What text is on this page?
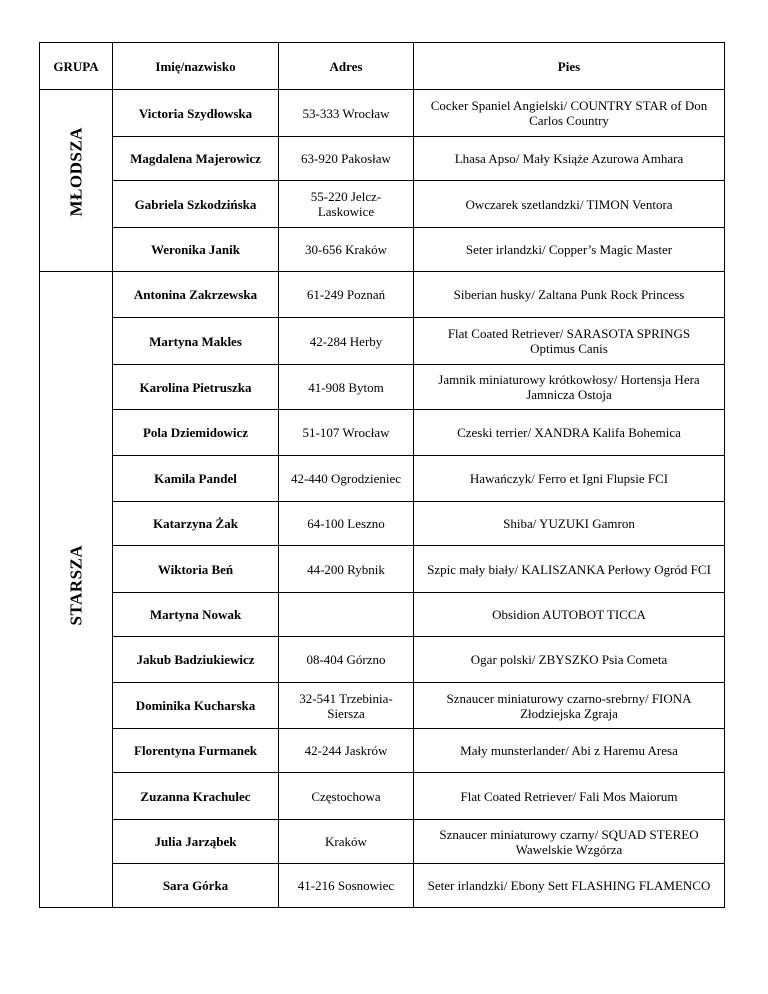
GRUPA	Imię/nazwisko	Adres	Pies

MŁODSZA	Victoria Szydłowska	53-333 Wrocław	Cocker Spaniel Angielski/ COUNTRY STAR of Don Carlos Country
	Magdalena Majerowicz	63-920 Pakosław	Lhasa Apso/ Mały Książe Azurowa Amhara
	Gabriela Szkodzińska	55-220 Jelcz-Laskowice	Owczarek szetlandzki/ TIMON Ventora
	Weronika Janik	30-656 Kraków	Seter irlandzki/ Copper’s Magic Master

STARSZA	Antonina Zakrzewska	61-249 Poznań	Siberian husky/ Zaltana Punk Rock Princess
	Martyna Makles	42-284 Herby	Flat Coated Retriever/ SARASOTA SPRINGS Optimus Canis
	Karolina Pietruszka	41-908 Bytom	Jamnik miniaturowy krótkowłosy/ Hortensja Hera Jamnicza Ostoja
	Pola Dziemidowicz	51-107 Wrocław	Czeski terrier/ XANDRA Kalifa Bohemica
	Kamila Pandel	42-440 Ogrodzieniec	Hawańczyk/ Ferro et Igni Flupsie FCI
	Katarzyna Żak	64-100 Leszno	Shiba/ YUZUKI Gamron
	Wiktoria Beń	44-200 Rybnik	Szpic mały biały/ KALISZANKA Perłowy Ogród FCI
	Martyna Nowak		Obsidion AUTOBOT TICCA
	Jakub Badziukiewicz	08-404 Górzno	Ogar polski/ ZBYSZKO Psia Cometa
	Dominika Kucharska	32-541 Trzebinia-Siersza	Sznaucer miniaturowy czarno-srebrny/ FIONA Złodziejska Zgraja
	Florentyna Furmanek	42-244 Jaskrów	Mały munsterlander/ Abi z Haremu Aresa
	Zuzanna Krachulec	Częstochowa	Flat Coated Retriever/ Fali Mos Maiorum
	Julia Jarząbek	Kraków	Sznaucer miniaturowy czarny/ SQUAD STEREO Wawelskie Wzgórza
	Sara Górka	41-216 Sosnowiec	Seter irlandzki/ Ebony Sett FLASHING FLAMENCO
